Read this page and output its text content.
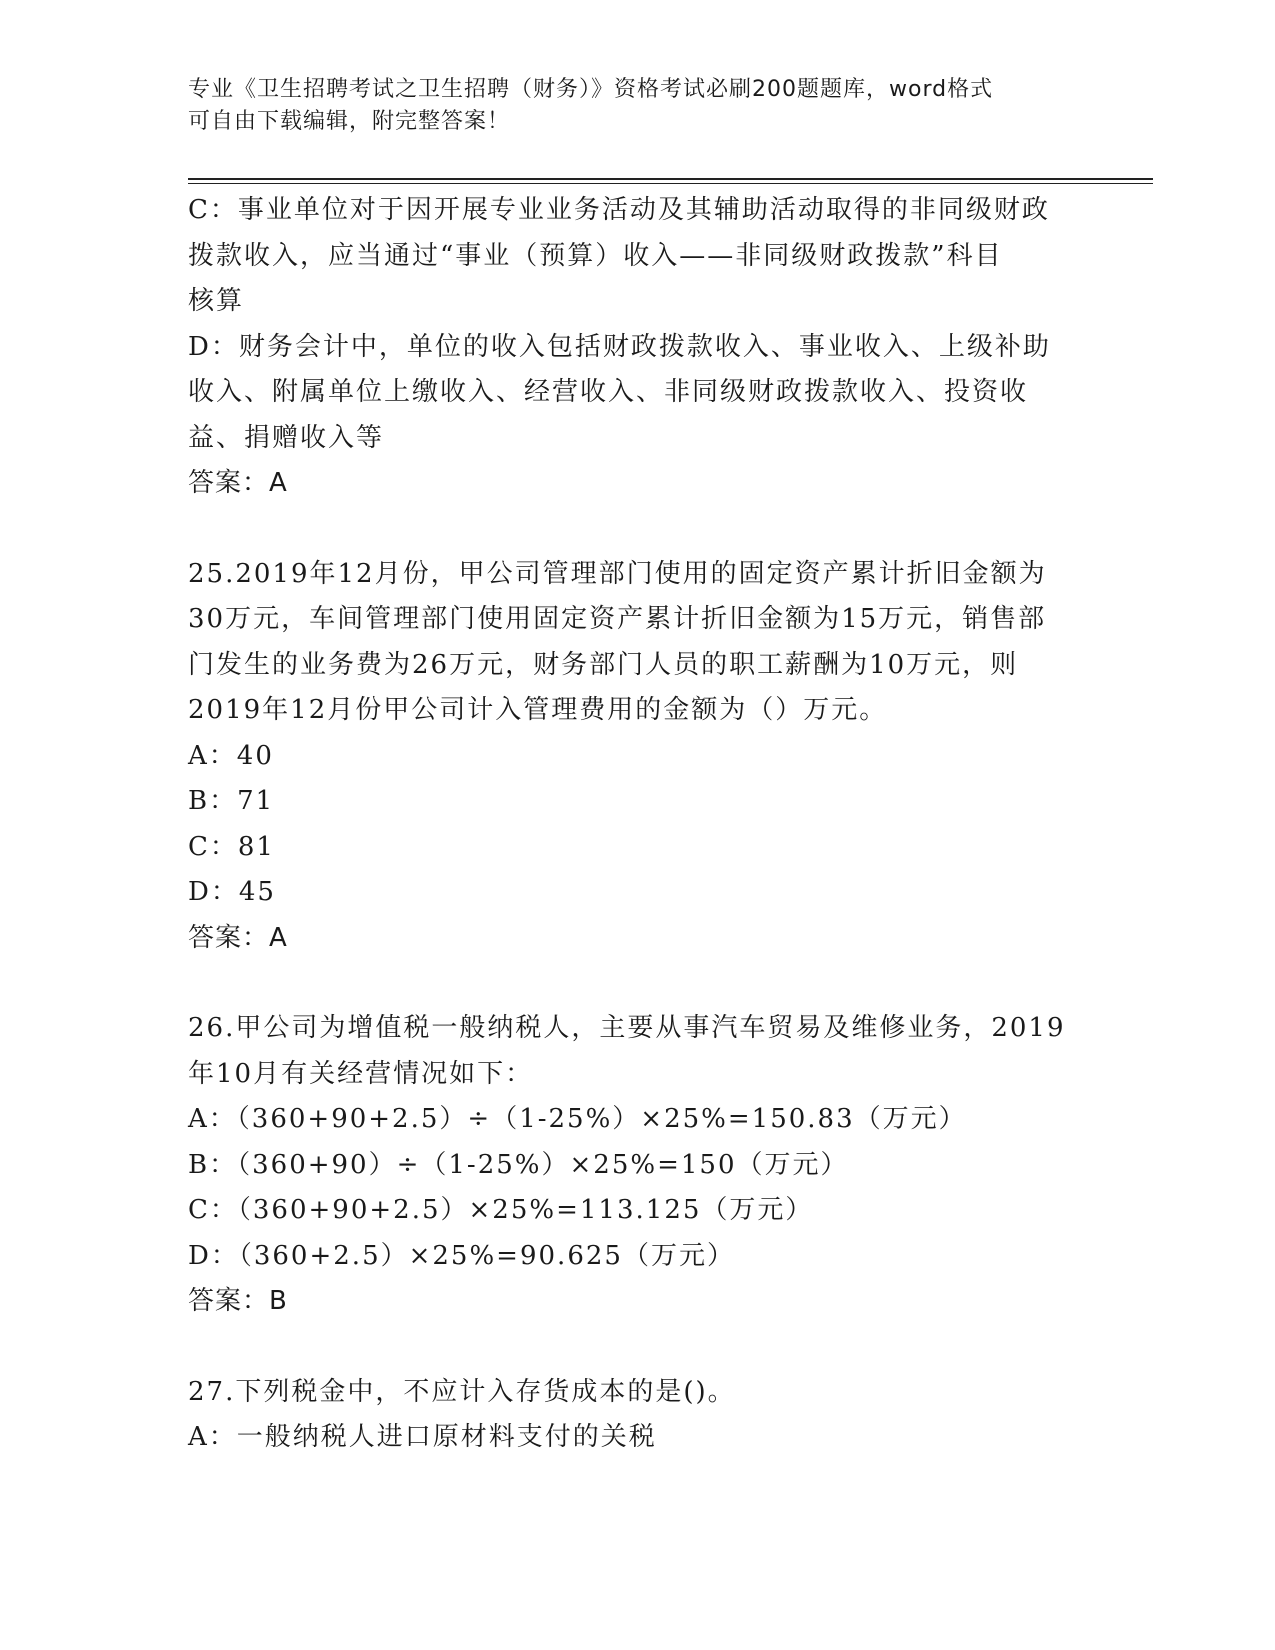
专业《卫生招聘考试之卫生招聘（财务）》资格考试必刷200题题库，word格式
可自由下载编辑，附完整答案！
C：事业单位对于因开展专业业务活动及其辅助活动取得的非同级财政
拨款收入，应当通过“事业（预算）收入——非同级财政拨款”科目
核算
D：财务会计中，单位的收入包括财政拨款收入、事业收入、上级补助
收入、附属单位上缴收入、经营收入、非同级财政拨款收入、投资收
益、捐赠收入等
答案：A
25.2019年12月份，甲公司管理部门使用的固定资产累计折旧金额为
30万元，车间管理部门使用固定资产累计折旧金额为15万元，销售部
门发生的业务费为26万元，财务部门人员的职工薪酬为10万元，则
2019年12月份甲公司计入管理费用的金额为（）万元。
A：40
B：71
C：81
D：45
答案：A
26.甲公司为增值税一般纳税人，主要从事汽车贸易及维修业务，2019
年10月有关经营情况如下：
A：（360+90+2.5）÷（1-25%）×25%=150.83（万元）
B：（360+90）÷（1-25%）×25%=150（万元）
C：（360+90+2.5）×25%=113.125（万元）
D：（360+2.5）×25%=90.625（万元）
答案：B
27.下列税金中，不应计入存货成本的是()。
A：一般纳税人进口原材料支付的关税
